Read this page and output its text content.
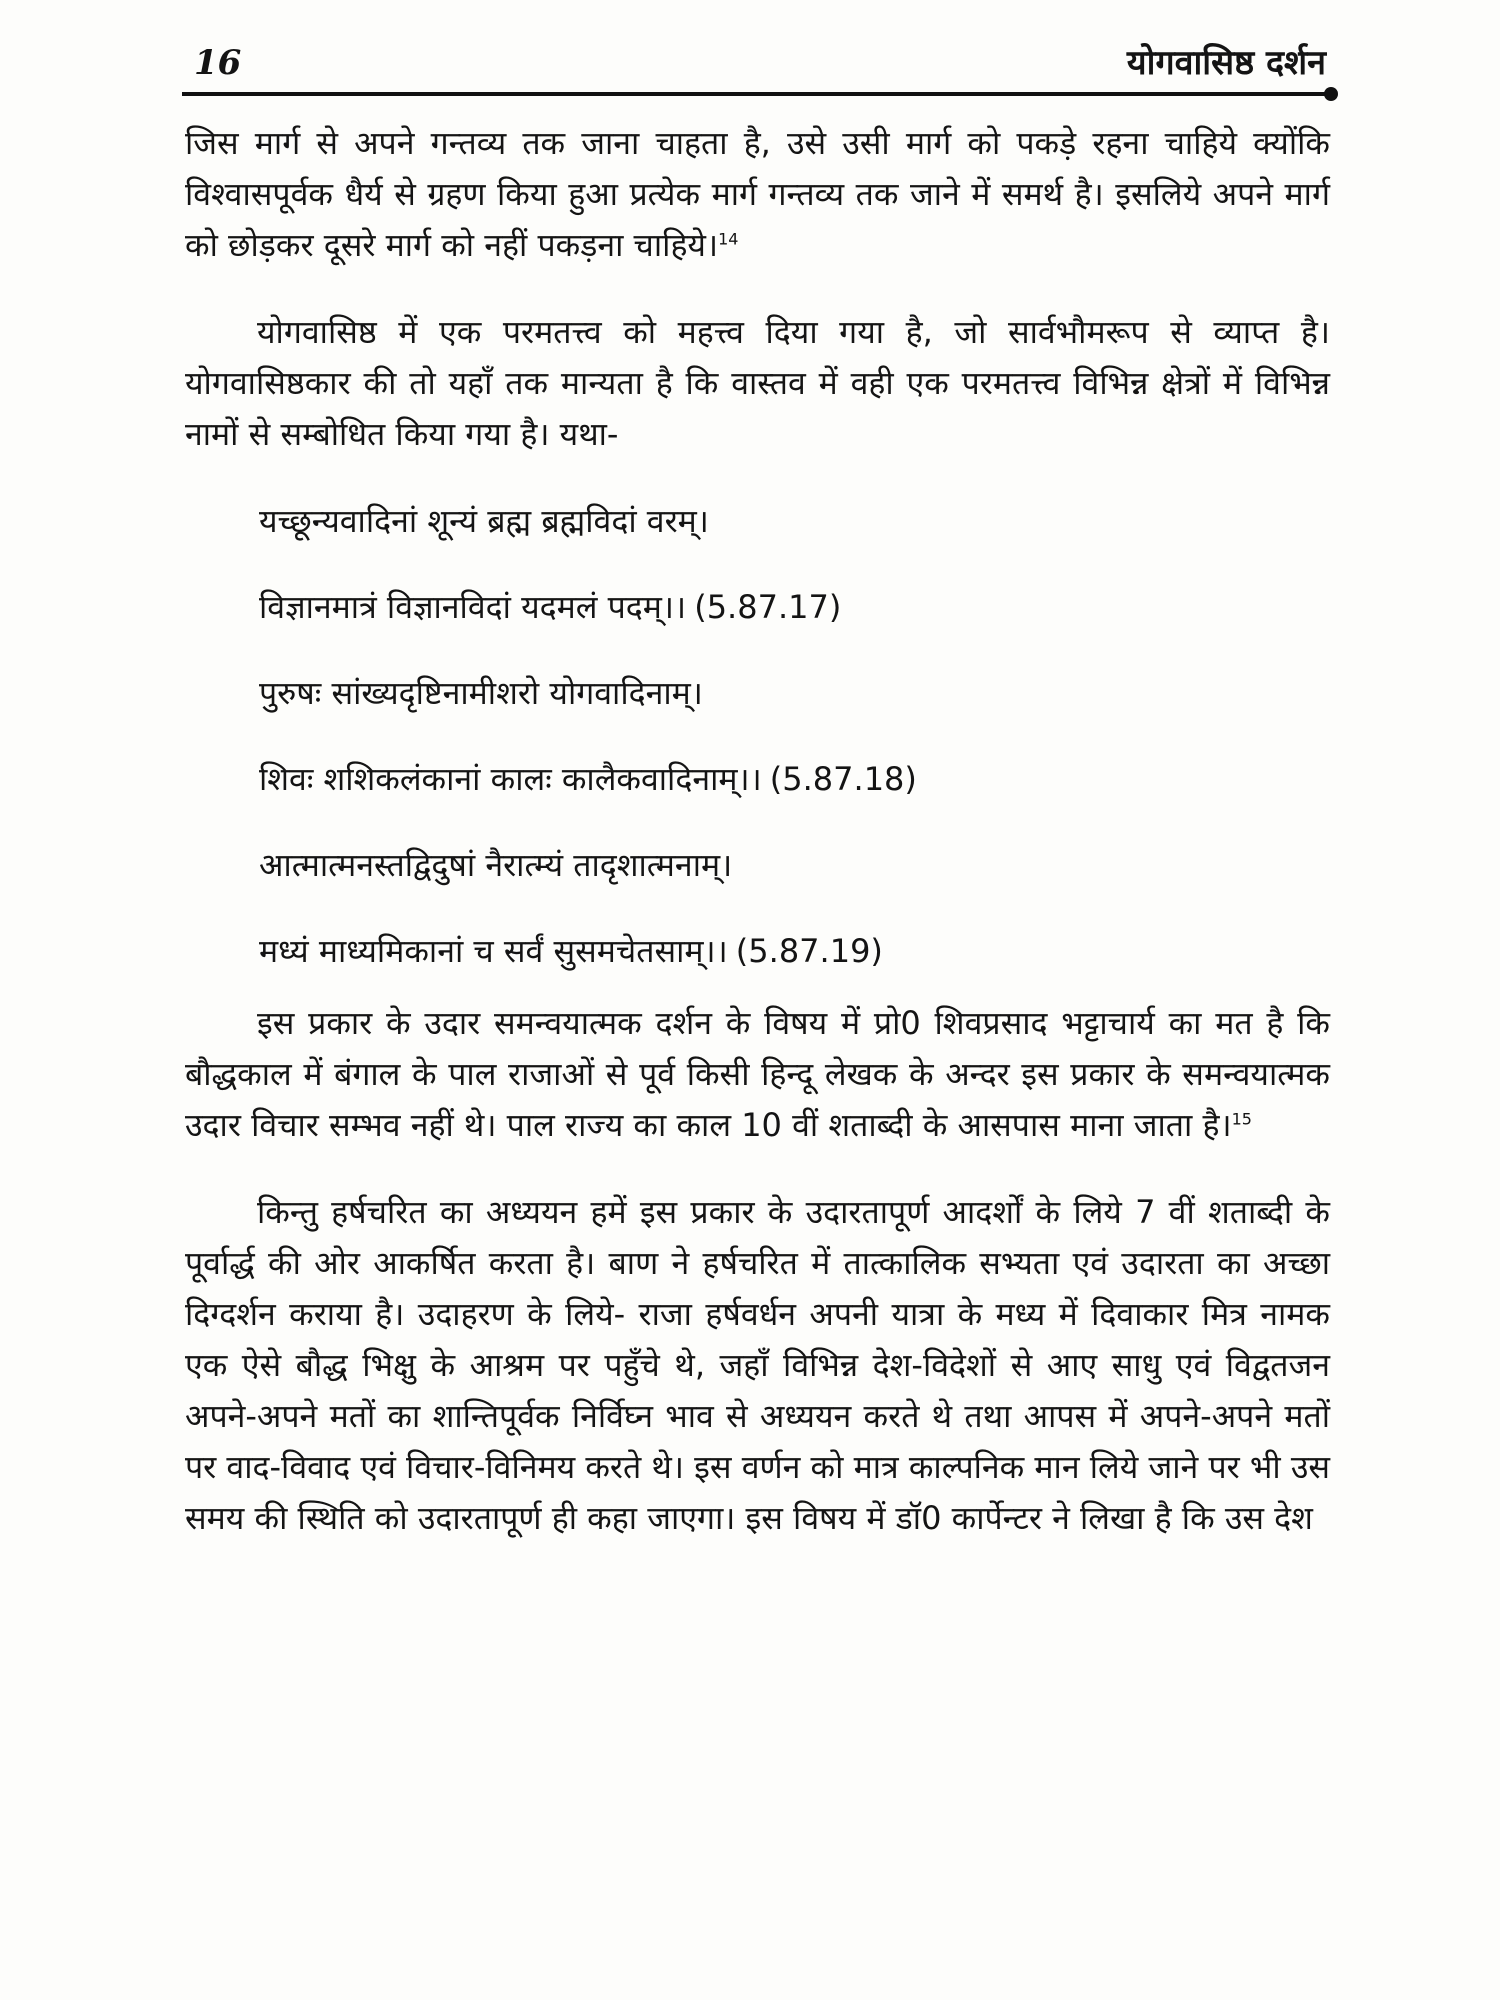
16	योगवासिष्ठ दर्शन

जिस मार्ग से अपने गन्तव्य तक जाना चाहता है, उसे उसी मार्ग को पकड़े रहना चाहिये क्योंकि विश्वासपूर्वक धैर्य से ग्रहण किया हुआ प्रत्येक मार्ग गन्तव्य तक जाने में समर्थ है। इसलिये अपने मार्ग को छोड़कर दूसरे मार्ग को नहीं पकड़ना चाहिये।$^{14}$

योगवासिष्ठ में एक परमतत्त्व को महत्त्व दिया गया है, जो सार्वभौमरूप से व्याप्त है। योगवासिष्ठकार की तो यहाँ तक मान्यता है कि वास्तव में वही एक परमतत्त्व विभिन्न क्षेत्रों में विभिन्न नामों से सम्बोधित किया गया है। यथा-

यच्छून्यवादिनां शून्यं ब्रह्म ब्रह्मविदां वरम्।

विज्ञानमात्रं विज्ञानविदां यदमलं पदम्।। (5.87.17)

पुरुषः सांख्यदृष्टिनामीशरो योगवादिनाम्।

शिवः शशिकलंकानां कालः कालैकवादिनाम्।। (5.87.18)

आत्मात्मनस्तद्विदुषां नैरात्म्यं तादृशात्मनाम्।

मध्यं माध्यमिकानां च सर्वं सुसमचेतसाम्।। (5.87.19)

इस प्रकार के उदार समन्वयात्मक दर्शन के विषय में प्रो0 शिवप्रसाद भट्टाचार्य का मत है कि बौद्धकाल में बंगाल के पाल राजाओं से पूर्व किसी हिन्दू लेखक के अन्दर इस प्रकार के समन्वयात्मक उदार विचार सम्भव नहीं थे। पाल राज्य का काल 10 वीं शताब्दी के आसपास माना जाता है।$^{15}$

किन्तु हर्षचरित का अध्ययन हमें इस प्रकार के उदारतापूर्ण आदर्शों के लिये 7 वीं शताब्दी के पूर्वार्द्ध की ओर आकर्षित करता है। बाण ने हर्षचरित में तात्कालिक सभ्यता एवं उदारता का अच्छा दिग्दर्शन कराया है। उदाहरण के लिये- राजा हर्षवर्धन अपनी यात्रा के मध्य में दिवाकार मित्र नामक एक ऐसे बौद्ध भिक्षु के आश्रम पर पहुँचे थे, जहाँ विभिन्न देश-विदेशों से आए साधु एवं विद्वतजन अपने-अपने मतों का शान्तिपूर्वक निर्विघ्न भाव से अध्ययन करते थे तथा आपस में अपने-अपने मतों पर वाद-विवाद एवं विचार-विनिमय करते थे। इस वर्णन को मात्र काल्पनिक मान लिये जाने पर भी उस समय की स्थिति को उदारतापूर्ण ही कहा जाएगा। इस विषय में डॉ0 कार्पेन्टर ने लिखा है कि उस देश
